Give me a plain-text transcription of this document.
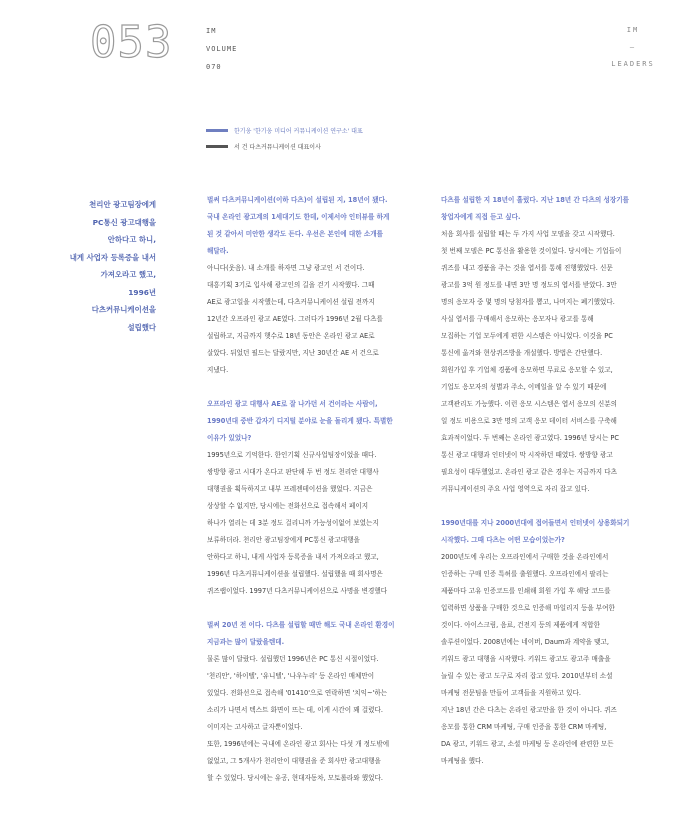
053	IM
VOLUME
070
IM
–
LEADERS
한기웅 '한기웅 미디어 커뮤니케이션 연구소' 대표
서 건 다츠커뮤니케이션 대표이사
천리안 광고팀장에게
PC통신 광고대행을
안하다고 하니,
내게 사업자 등록증을 내서
가져오라고 했고,
1996년
다츠커뮤니케이션을
설립했다
벌써 다츠커뮤니케이션(이하 다츠)이 설립된 지, 18년이 됐다.
국내 온라인 광고계의 1세대기도 한데, 이제서야 인터뷰를 하게
된 것 같아서 미안한 생각도 든다. 우선은 본인에 대한 소개를
해달라.
아니다(웃음). 내 소개를 하자면 그냥 광고인 서 건이다.
대흥기획 3기로 입사해 광고인의 길을 걷기 시작했다. 그때
AE로 광고일을 시작했는데, 다츠커뮤니케이션 설립 전까지
12년간 오프라인 광고 AE였다. 그러다가 1996년 2월 다츠를
설립하고, 지금까지 햇수로 18년 동안은 온라인 광고 AE로
살았다. 뒤었던 필드는 달랐지만, 지난 30년간 AE 서 건으로
지냈다.
오프라인 광고 대행사 AE로 잘 나가던 서 건이라는 사람이,
1990년대 중반 갑자기 디지털 분야로 눈을 돌리게 됐다. 특별한
이유가 있었나?
1995년으로 기억한다. 한인기획 신규사업팀장이었을 때다.
쌍방향 광고 시대가 온다고 판단해 두 번 정도 천리안 대행사
대행권을 획득하지고 내부 프레젠테이션을 했었다. 지금은
상상할 수 없지만, 당시에는 전화선으로 접속해서 페이지
하나가 열리는 데 3분 정도 걸리니까 가능성이없어 보였는지
보류하더라. 천리안 광고팀장에게 PC통신 광고대행을
안하다고 하니, 내게 사업자 등록증을 내서 가져오라고 했고,
1996년 다츠커뮤니케이션을 설립했다. 설립했을 때 회사명은
퀴즈랩이었다. 1997년 다츠커뮤니케이션으로 사명을 변경했다
벌써 20년 전 이다. 다츠를 설립할 때만 해도 국내 온라인 환경이
지금과는 많이 달랐을텐데.
물론 많이 달랐다. 설립했던 1996년은 PC 통신 시절이었다.
'천리안', '하이텔', '유니텔', '나우누리' 등 온라인 매체만이
있었다. 전화선으로 접속해 '01410'으로 연락하면 '치익~'하는
소리가 나면서 텍스트 화면이 뜨는 데, 이게 시간이 꽤 걸렸다.
이미지는 고사하고 글자뿐이었다.
또한, 1996년에는 국내에 온라인 광고 회사는 다섯 개 정도밖에
없었고, 그 5개사가 천리안이 대행권을 준 회사만 광고대행을
할 수 있었다. 당시에는 유공, 현대자동차, 모토롤라와 했었다.
다츠를 설립한 지 18년이 흘렀다. 지난 18년 간 다츠의 성장기를
창업자에게 직접 듣고 싶다.
처음 회사를 설립할 때는 두 가지 사업 모델을 갖고 시작했다.
첫 번째 모델은 PC 통신을 활용한 것이었다. 당시에는 기업들이
퀴즈를 내고 경품을 주는 것을 엽서를 통해 진행했었다. 신문
광고를 3억 원 정도를 내면 3만 명 정도의 엽서를 받았다. 3만
명의 응모자 중 몇 명의 당첨자를 뽑고, 나머지는 폐기했었다.
사실 엽서를 구매해서 응모하는 응모자나 광고를 통해
모집하는 기업 모두에게 편한 시스템은 아니었다. 이것을 PC
통신에 옮겨와 현상퀴즈방을 개설했다. 방법은 간단했다.
회원가입 후 기업체 경품에 응모하면 무료로 응모할 수 있고,
기업도 응모자의 성별과 주소, 이메일을 알 수 있기 때문에
고객관리도 가능했다. 이런 응모 시스템은 엽서 응모의 신분의
일 정도 비용으로 3만 명의 고객 응모 데이터 서비스를 구축해
효과적이었다. 두 번째는 온라인 광고였다. 1996년 당시는 PC
통신 광고 대행과 인터넷이 막 시작하던 때였다. 쌍방향 광고
필요성이 대두했었고. 온라인 광고 같은 경우는 지금까지 다츠
커뮤니케이션의 주요 사업 영역으로 자리 잡고 있다.
1990년대를 지나 2000년대에 접어들면서 인터넷이 상용화되기
시작했다. 그때 다츠는 어떤 모습이었는가?
2000년도에 우리는 오프라인에서 구매한 것을 온라인에서
인증하는 구매 인증 특허를 출원했다. 오프라인에서 팔리는
제품마다 고유 인증코드를 인쇄해 회원 가입 후 해당 코드를
입력하면 상품을 구매한 것으로 인증해 마일리지 등을 부여한
것이다. 아이스크림, 음료, 건전지 등의 제품에게 적합한
솔루션이었다. 2008년에는 네이버, Daum과 계약을 맺고,
키워드 광고 대행을 시작했다. 키워드 광고도 광고주 매출을
늘릴 수 있는 광고 도구로 자리 잡고 있다. 2010년부터 소셜
마케팅 전문팀을 만들어 고객들을 지원하고 있다.
지난 18년 간은 다츠는 온라인 광고만을 한 것이 아니다. 퀴즈
응모를 통한 CRM 마케팅, 구매 인증을 통한 CRM 마케팅,
DA 광고, 키워드 광고, 소셜 마케팅 등 온라인에 관련한 모든
마케팅을 했다.
